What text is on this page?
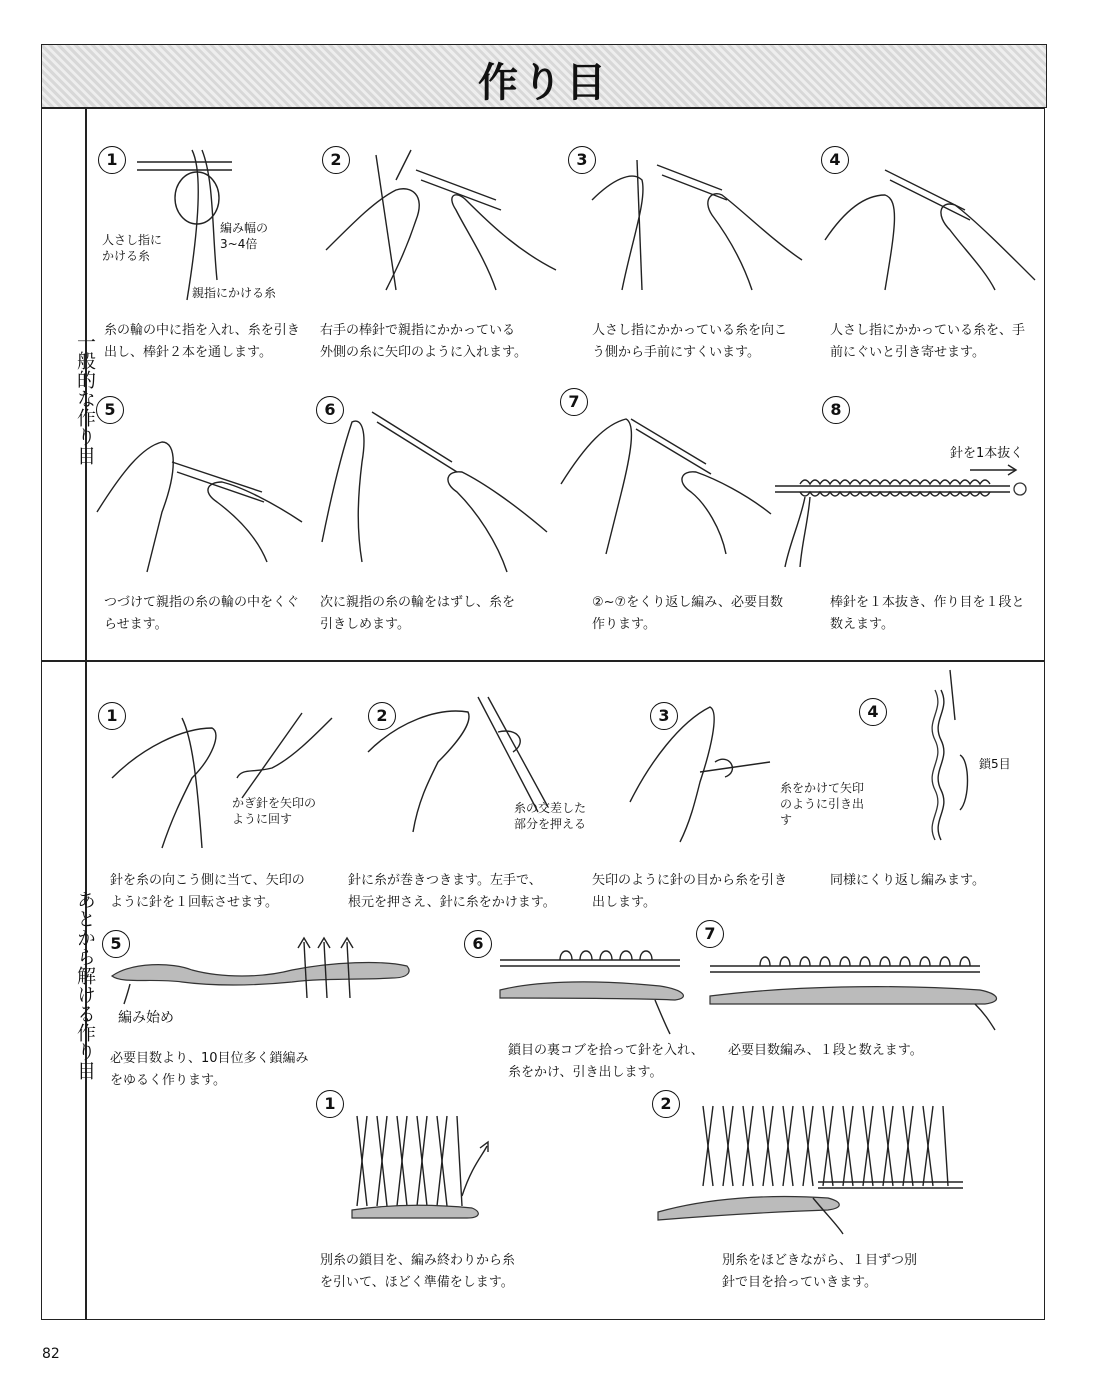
作り目
一般的な作り目
あとから解ける作り目
1
人さし指に
かける糸
編み幅の
3~4倍
親指にかける糸
糸の輪の中に指を入れ、糸を引き
出し、棒針２本を通します。
2
右手の棒針で親指にかかっている
外側の糸に矢印のように入れます。
3
人さし指にかかっている糸を向こ
う側から手前にすくいます。
4
人さし指にかかっている糸を、手
前にぐいと引き寄せます。
5
つづけて親指の糸の輪の中をくぐ
らせます。
6
次に親指の糸の輪をはずし、糸を
引きしめます。
7
②~⑦をくり返し編み、必要目数
作ります。
8
針を1本抜く
棒針を１本抜き、作り目を１段と
数えます。
1
かぎ針を矢印の
ように回す
針を糸の向こう側に当て、矢印の
ように針を１回転させます。
2
糸の交差した
部分を押える
針に糸が巻きつきます。左手で、
根元を押さえ、針に糸をかけます。
3
糸をかけて矢印
のように引き出す
矢印のように針の目から糸を引き
出します。
4
鎖5目
同様にくり返し編みます。
5
編み始め
必要目数より、10目位多く鎖編み
をゆるく作ります。
6
鎖目の裏コブを拾って針を入れ、
糸をかけ、引き出します。
7
必要目数編み、１段と数えます。
1
別糸の鎖目を、編み終わりから糸
を引いて、ほどく準備をします。
2
別糸をほどきながら、１目ずつ別
針で目を拾っていきます。
82
